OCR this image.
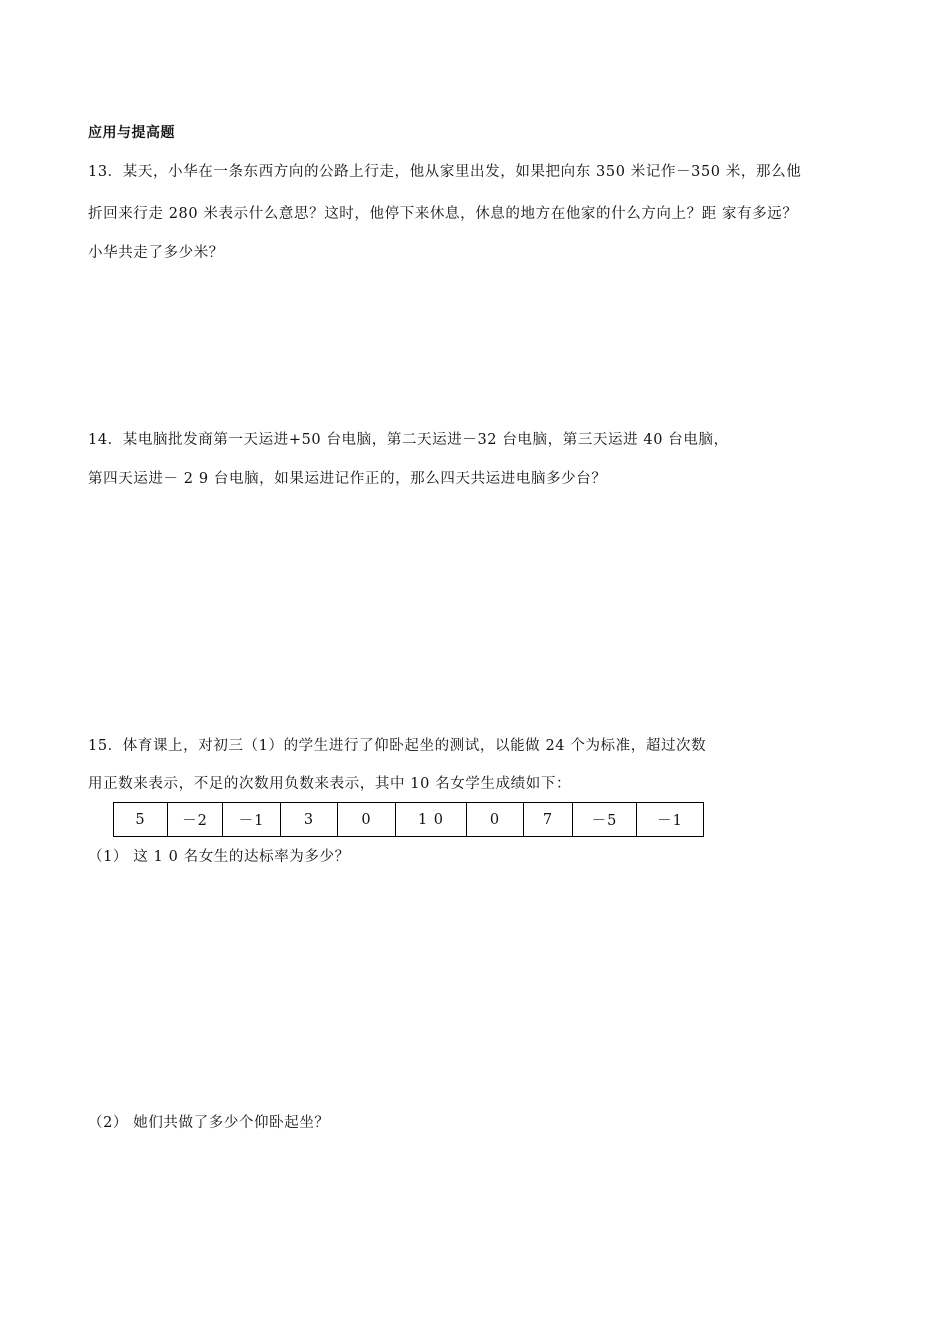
应用与提高题
13．某天，小华在一条东西方向的公路上行走，他从家里出发，如果把向东 350 米记作－350 米，那么他
折回来行走 280 米表示什么意思？这时，他停下来休息，休息的地方在他家的什么方向上？距 家有多远？
小华共走了多少米？
14．某电脑批发商第一天运进+50 台电脑，第二天运进－32 台电脑，第三天运进 40 台电脑，
第四天运进－ 2 9 台电脑，如果运进记作正的，那么四天共运进电脑多少台？
15．体育课上，对初三（1）的学生进行了仰卧起坐的测试，以能做 24 个为标准，超过次数
用正数来表示，不足的次数用负数来表示，其中 10 名女学生成绩如下：
5	－2	－1	3	0	1 0	0	7	－5	－1
（1） 这 1 0 名女生的达标率为多少？
（2） 她们共做了多少个仰卧起坐？
